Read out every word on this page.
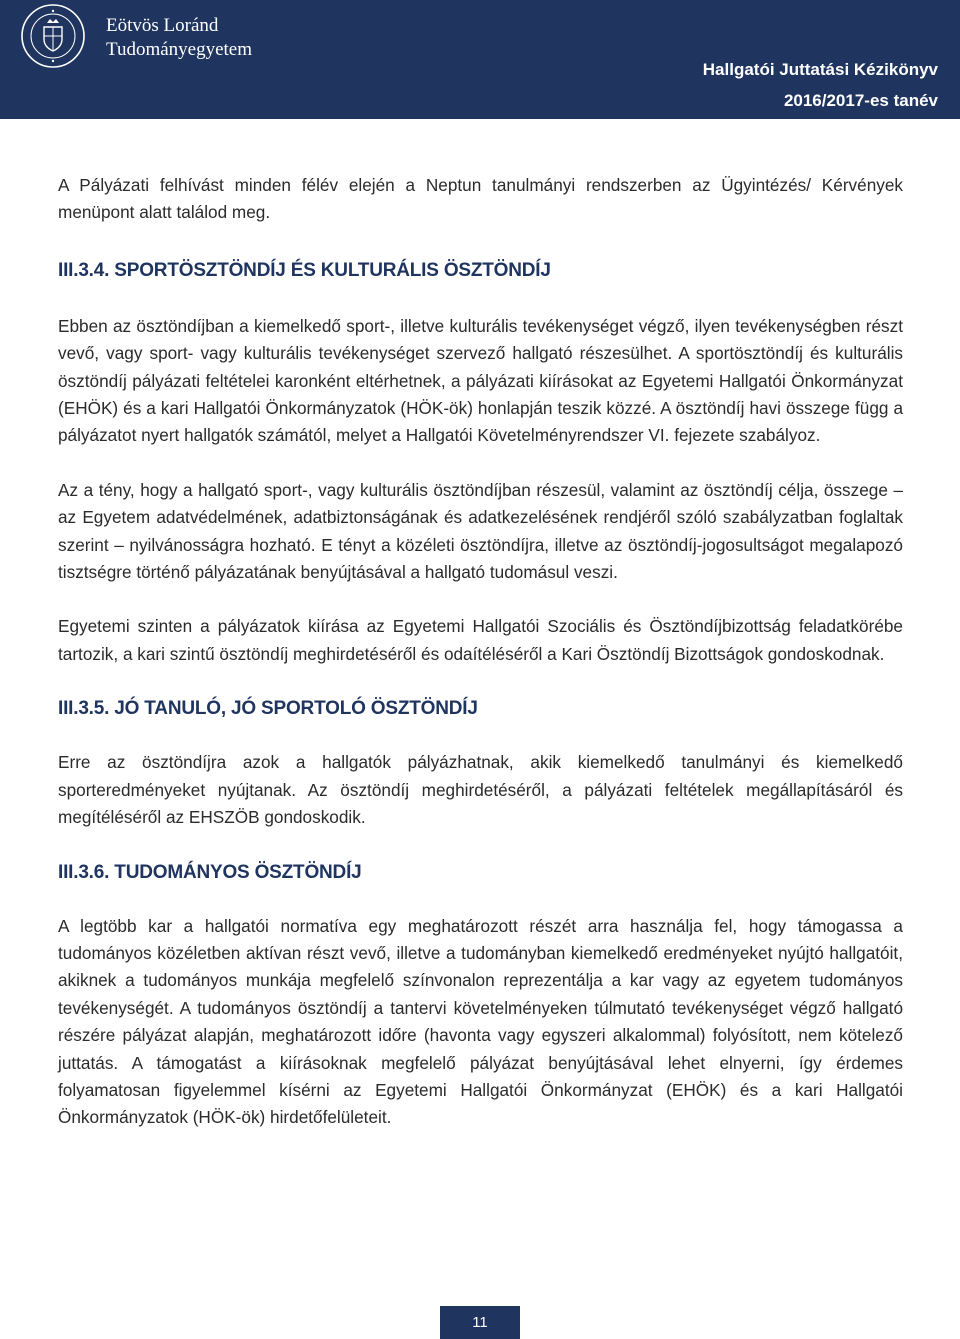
Eötvös Loránd
Tudományegyetem
Hallgatói Juttatási Kézikönyv
2016/2017-es tanév

A Pályázati felhívást minden félév elején a Neptun tanulmányi rendszerben az Ügyintézés/ Kérvények menüpont alatt találod meg.

III.3.4. SPORTÖSZTÖNDÍJ ÉS KULTURÁLIS ÖSZTÖNDÍJ

Ebben az ösztöndíjban a kiemelkedő sport-, illetve kulturális tevékenységet végző, ilyen tevékenységben részt vevő, vagy sport- vagy kulturális tevékenységet szervező hallgató részesülhet. A sportösztöndíj és kulturális ösztöndíj pályázati feltételei karonként eltérhetnek, a pályázati kiírásokat az Egyetemi Hallgatói Önkormányzat (EHÖK) és a kari Hallgatói Önkormányzatok (HÖK-ök) honlapján teszik közzé. A ösztöndíj havi összege függ a pályázatot nyert hallgatók számától, melyet a Hallgatói Követelményrendszer VI. fejezete szabályoz.

Az a tény, hogy a hallgató sport-, vagy kulturális ösztöndíjban részesül, valamint az ösztöndíj célja, összege – az Egyetem adatvédelmének, adatbiztonságának és adatkezelésének rendjéről szóló szabályzatban foglaltak szerint – nyilvánosságra hozható. E tényt a közéleti ösztöndíjra, illetve az ösztöndíj-jogosultságot megalapozó tisztségre történő pályázatának benyújtásával a hallgató tudomásul veszi.

Egyetemi szinten a pályázatok kiírása az Egyetemi Hallgatói Szociális és Ösztöndíjbizottság feladatkörébe tartozik, a kari szintű ösztöndíj meghirdetéséről és odaítéléséről a Kari Ösztöndíj Bizottságok gondoskodnak.

III.3.5. JÓ TANULÓ, JÓ SPORTOLÓ ÖSZTÖNDÍJ

Erre az ösztöndíjra azok a hallgatók pályázhatnak, akik kiemelkedő tanulmányi és kiemelkedő sporteredményeket nyújtanak. Az ösztöndíj meghirdetéséről, a pályázati feltételek megállapításáról és megítéléséről az EHSZÖB gondoskodik.

III.3.6. TUDOMÁNYOS ÖSZTÖNDÍJ

A legtöbb kar a hallgatói normatíva egy meghatározott részét arra használja fel, hogy támogassa a tudományos közéletben aktívan részt vevő, illetve a tudományban kiemelkedő eredményeket nyújtó hallgatóit, akiknek a tudományos munkája megfelelő színvonalon reprezentálja a kar vagy az egyetem tudományos tevékenységét. A tudományos ösztöndíj a tantervi követelményeken túlmutató tevékenységet végző hallgató részére pályázat alapján, meghatározott időre (havonta vagy egyszeri alkalommal) folyósított, nem kötelező juttatás. A támogatást a kiírásoknak megfelelő pályázat benyújtásával lehet elnyerni, így érdemes folyamatosan figyelemmel kísérni az Egyetemi Hallgatói Önkormányzat (EHÖK) és a kari Hallgatói Önkormányzatok (HÖK-ök) hirdetőfelületeit.

11
